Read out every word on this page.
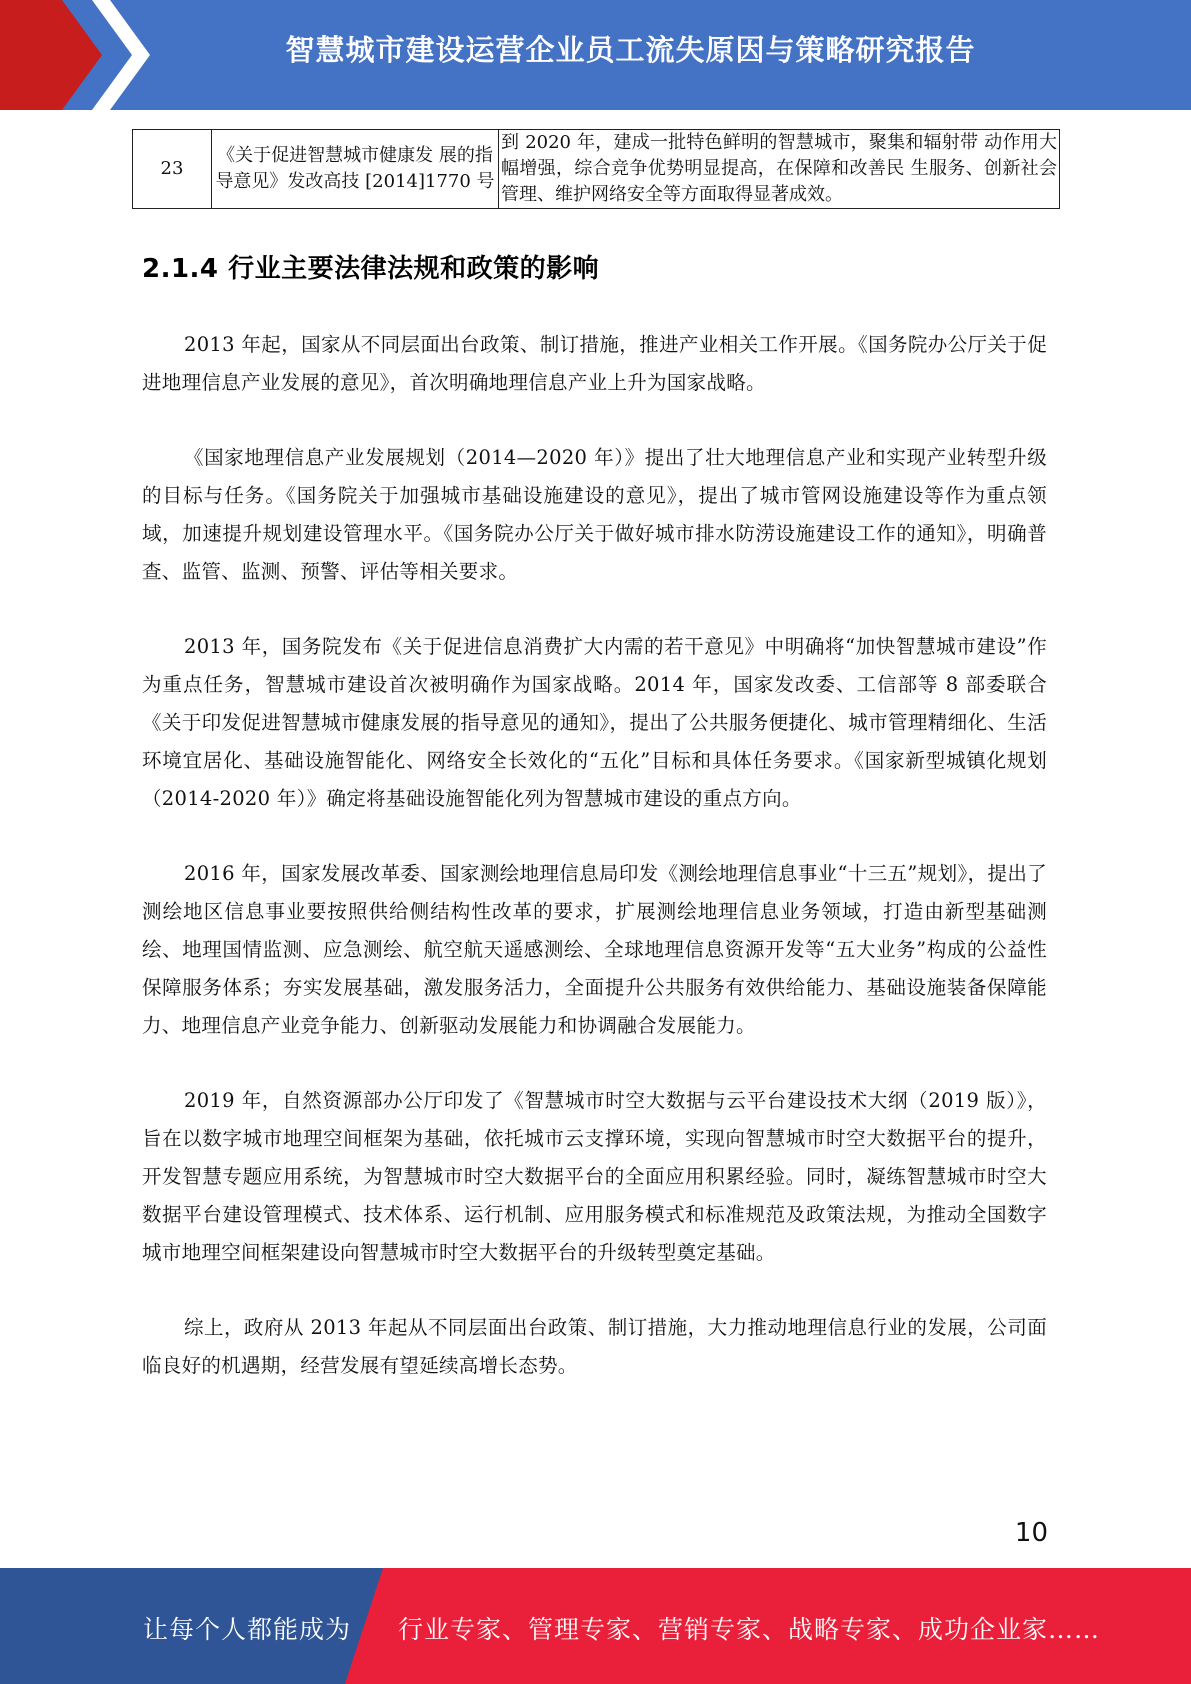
智慧城市建设运营企业员工流失原因与策略研究报告
23	《关于促进智慧城市健康发 展的指导意见》发改高技 [2014]1770 号	到 2020 年，建成一批特色鲜明的智慧城市，聚集和辐射带 动作用大幅增强，综合竞争优势明显提高，在保障和改善民 生服务、创新社会管理、维护网络安全等方面取得显著成效。
2.1.4 行业主要法律法规和政策的影响

2013 年起，国家从不同层面出台政策、制订措施，推进产业相关工作开展。《国务院办公厅关于促进地理信息产业发展的意见》，首次明确地理信息产业上升为国家战略。

《国家地理信息产业发展规划（2014—2020 年）》提出了壮大地理信息产业和实现产业转型升级的目标与任务。《国务院关于加强城市基础设施建设的意见》，提出了城市管网设施建设等作为重点领域，加速提升规划建设管理水平。《国务院办公厅关于做好城市排水防涝设施建设工作的通知》，明确普查、监管、监测、预警、评估等相关要求。

2013 年，国务院发布《关于促进信息消费扩大内需的若干意见》中明确将“加快智慧城市建设”作为重点任务，智慧城市建设首次被明确作为国家战略。2014 年，国家发改委、工信部等 8 部委联合《关于印发促进智慧城市健康发展的指导意见的通知》，提出了公共服务便捷化、城市管理精细化、生活环境宜居化、基础设施智能化、网络安全长效化的“五化”目标和具体任务要求。《国家新型城镇化规划（2014-2020 年）》确定将基础设施智能化列为智慧城市建设的重点方向。

2016 年，国家发展改革委、国家测绘地理信息局印发《测绘地理信息事业“十三五”规划》，提出了测绘地区信息事业要按照供给侧结构性改革的要求，扩展测绘地理信息业务领域，打造由新型基础测绘、地理国情监测、应急测绘、航空航天遥感测绘、全球地理信息资源开发等“五大业务”构成的公益性保障服务体系；夯实发展基础，激发服务活力，全面提升公共服务有效供给能力、基础设施装备保障能力、地理信息产业竞争能力、创新驱动发展能力和协调融合发展能力。

2019 年，自然资源部办公厅印发了《智慧城市时空大数据与云平台建设技术大纲（2019 版）》，旨在以数字城市地理空间框架为基础，依托城市云支撑环境，实现向智慧城市时空大数据平台的提升，开发智慧专题应用系统，为智慧城市时空大数据平台的全面应用积累经验。同时，凝练智慧城市时空大数据平台建设管理模式、技术体系、运行机制、应用服务模式和标准规范及政策法规，为推动全国数字城市地理空间框架建设向智慧城市时空大数据平台的升级转型奠定基础。

综上，政府从 2013 年起从不同层面出台政策、制订措施，大力推动地理信息行业的发展，公司面临良好的机遇期，经营发展有望延续高增长态势。

10
让每个人都能成为 行业专家、管理专家、营销专家、战略专家、成功企业家……
